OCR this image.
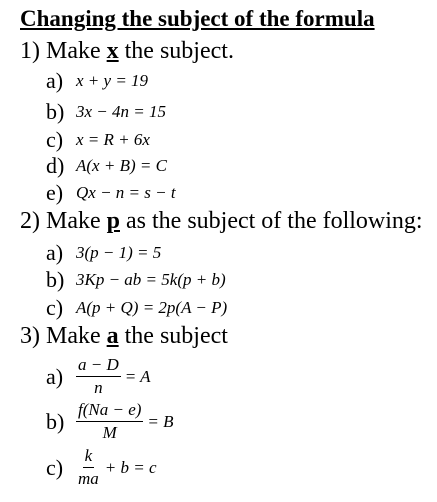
Changing the subject of the formula
1) Make x the subject.
a) x + y = 19
b) 3x − 4n = 15
c) x = R + 6x
d) A(x + B) = C
e) Qx − n = s − t
2) Make p as the subject of the following:
a) 3(p − 1) = 5
b) 3Kp − ab = 5k(p + b)
c) A(p + Q) = 2p(A − P)
3) Make a the subject
$a) \frac{a - D}{n} = A$
$b) \frac{f(Na - e)}{M} = B$
$c) \frac{k}{ma} + b = c$
